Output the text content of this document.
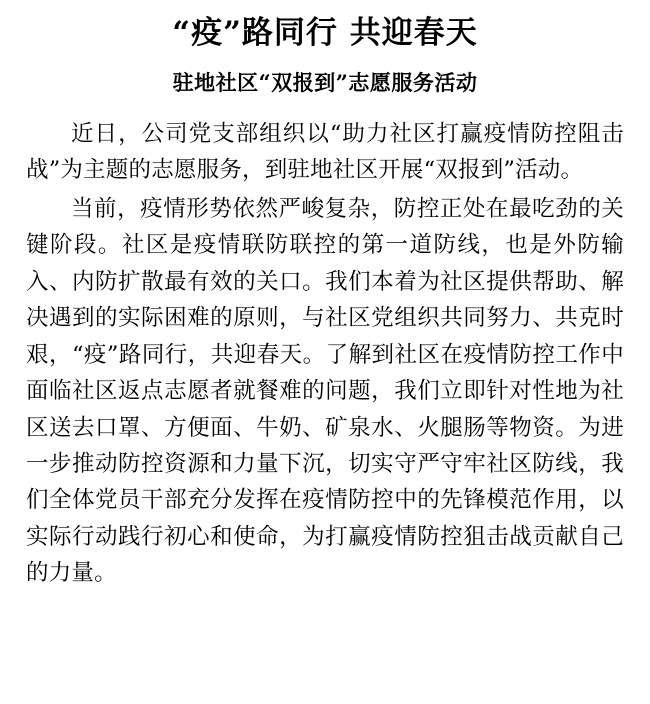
“疫”路同行 共迎春天
驻地社区“双报到”志愿服务活动

近日，公司党支部组织以“助力社区打赢疫情防控阻击战”为主题的志愿服务，到驻地社区开展“双报到”活动。

当前，疫情形势依然严峻复杂，防控正处在最吃劲的关键阶段。社区是疫情联防联控的第一道防线，也是外防输入、内防扩散最有效的关口。我们本着为社区提供帮助、解决遇到的实际困难的原则，与社区党组织共同努力、共克时艰，“疫”路同行，共迎春天。了解到社区在疫情防控工作中面临社区返点志愿者就餐难的问题，我们立即针对性地为社区送去口罩、方便面、牛奶、矿泉水、火腿肠等物资。为进一步推动防控资源和力量下沉，切实守严守牢社区防线，我们全体党员干部充分发挥在疫情防控中的先锋模范作用，以实际行动践行初心和使命，为打赢疫情防控狙击战贡献自己的力量。
